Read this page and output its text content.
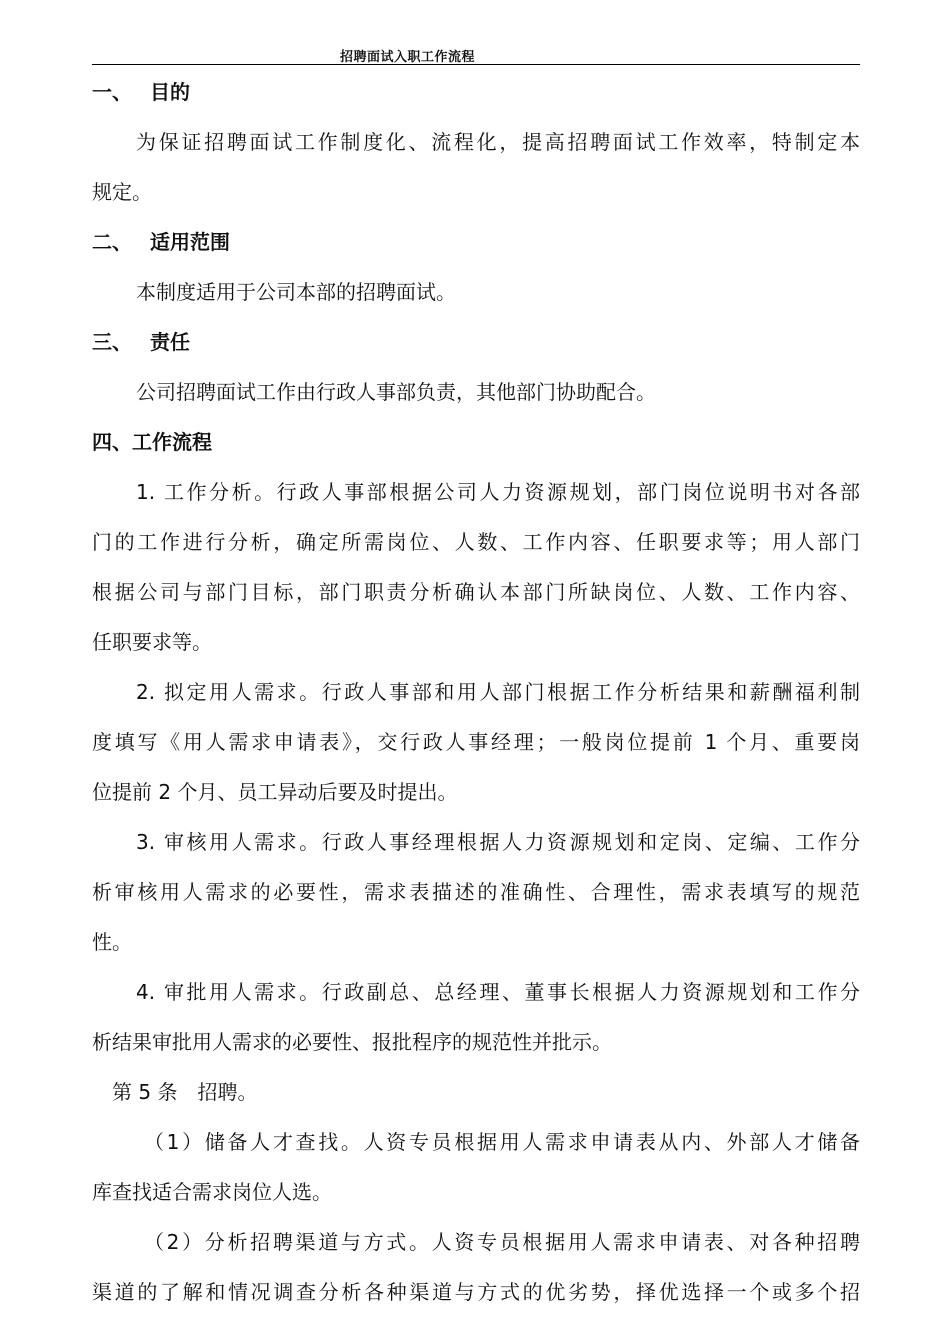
招聘面试入职工作流程
一、 目的
为保证招聘面试工作制度化、流程化，提高招聘面试工作效率，特制定本
规定。
二、 适用范围
本制度适用于公司本部的招聘面试。
三、 责任
公司招聘面试工作由行政人事部负责，其他部门协助配合。
四、工作流程
1. 工作分析。行政人事部根据公司人力资源规划，部门岗位说明书对各部
门的工作进行分析，确定所需岗位、人数、工作内容、任职要求等；用人部门
根据公司与部门目标，部门职责分析确认本部门所缺岗位、人数、工作内容、
任职要求等。
2. 拟定用人需求。行政人事部和用人部门根据工作分析结果和薪酬福利制
度填写《用人需求申请表》，交行政人事经理；一般岗位提前 1 个月、重要岗
位提前 2 个月、员工异动后要及时提出。
3. 审核用人需求。行政人事经理根据人力资源规划和定岗、定编、工作分
析审核用人需求的必要性，需求表描述的准确性、合理性，需求表填写的规范
性。
4. 审批用人需求。行政副总、总经理、董事长根据人力资源规划和工作分
析结果审批用人需求的必要性、报批程序的规范性并批示。
第 5 条　招聘。
（1）储备人才查找。人资专员根据用人需求申请表从内、外部人才储备
库查找适合需求岗位人选。
（2）分析招聘渠道与方式。人资专员根据用人需求申请表、对各种招聘
渠道的了解和情况调查分析各种渠道与方式的优劣势，择优选择一个或多个招
